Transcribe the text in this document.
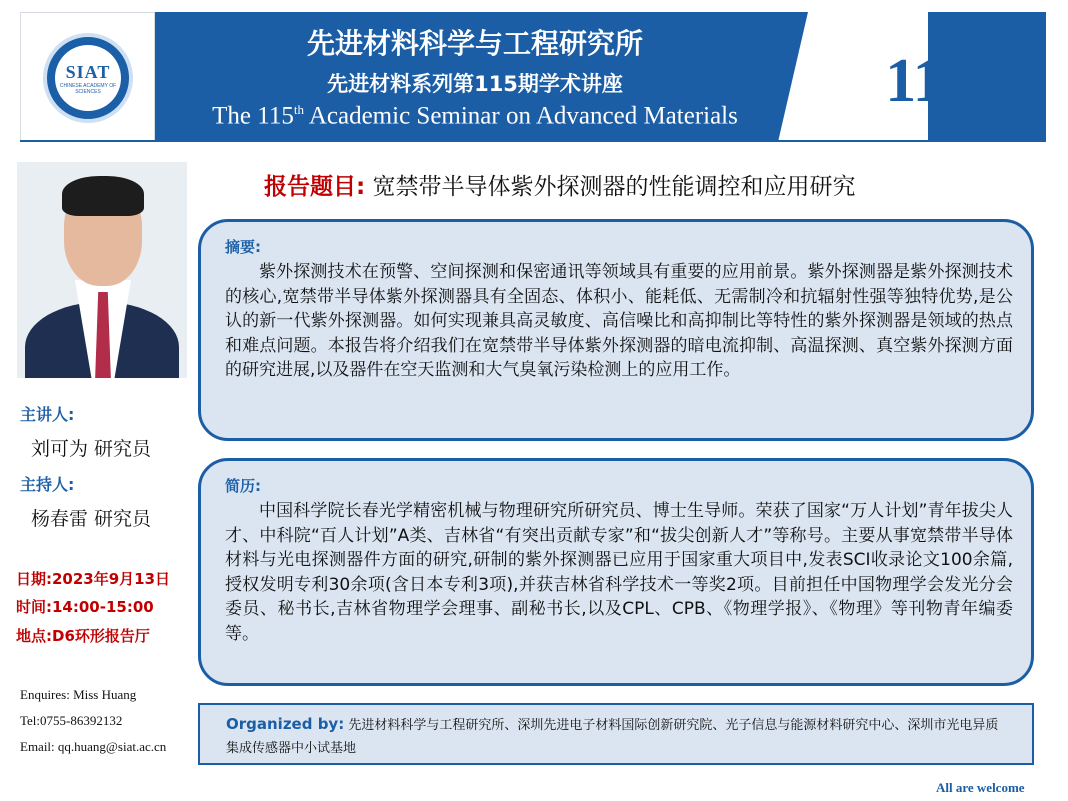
SIAT
CHINESE ACADEMY OF SCIENCES
先进材料科学与工程研究所
先进材料系列第115期学术讲座
The 115th Academic Seminar on Advanced Materials
115
报告题目: 宽禁带半导体紫外探测器的性能调控和应用研究
主讲人:
刘可为 研究员
主持人:
杨春雷 研究员
日期:2023年9月13日
时间:14:00-15:00
地点:D6环形报告厅
Enquires: Miss Huang
Tel:0755-86392132
Email: qq.huang@siat.ac.cn
摘要:
紫外探测技术在预警、空间探测和保密通讯等领域具有重要的应用前景。紫外探测器是紫外探测技术的核心,宽禁带半导体紫外探测器具有全固态、体积小、能耗低、无需制冷和抗辐射性强等独特优势,是公认的新一代紫外探测器。如何实现兼具高灵敏度、高信噪比和高抑制比等特性的紫外探测器是领域的热点和难点问题。本报告将介绍我们在宽禁带半导体紫外探测器的暗电流抑制、高温探测、真空紫外探测方面的研究进展,以及器件在空天监测和大气臭氧污染检测上的应用工作。
简历:
中国科学院长春光学精密机械与物理研究所研究员、博士生导师。荣获了国家“万人计划”青年拔尖人才、中科院“百人计划”A类、吉林省“有突出贡献专家”和“拔尖创新人才”等称号。主要从事宽禁带半导体材料与光电探测器件方面的研究,研制的紫外探测器已应用于国家重大项目中,发表SCI收录论文100余篇,授权发明专利30余项(含日本专利3项),并获吉林省科学技术一等奖2项。目前担任中国物理学会发光分会委员、秘书长,吉林省物理学会理事、副秘书长,以及CPL、CPB、《物理学报》、《物理》等刊物青年编委等。
Organized by: 先进材料科学与工程研究所、深圳先进电子材料国际创新研究院、光子信息与能源材料研究中心、深圳市光电异质集成传感器中小试基地
All are welcome
